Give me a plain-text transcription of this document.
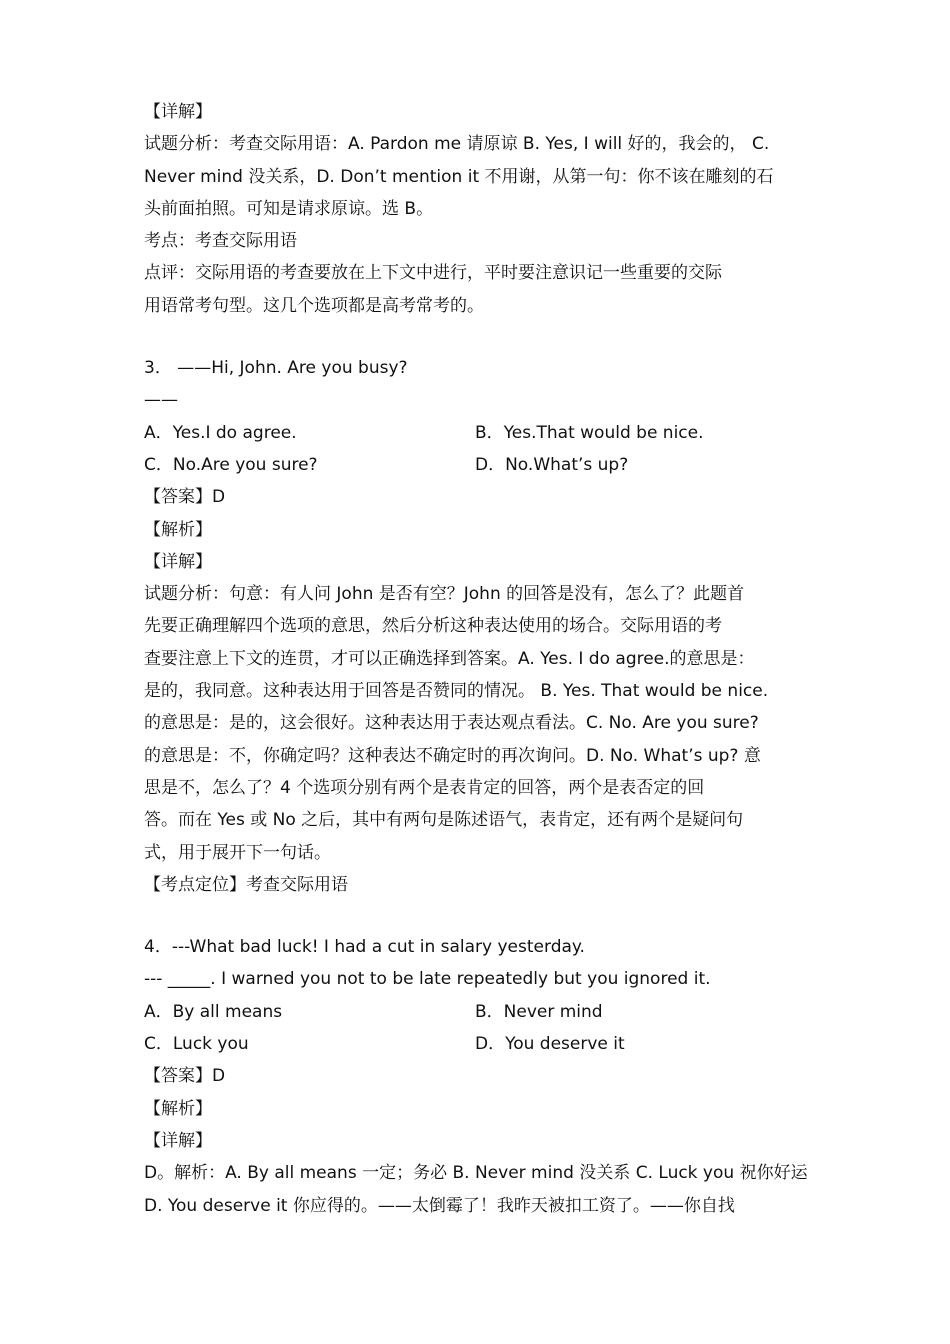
【详解】
试题分析：考查交际用语：A. Pardon me 请原谅 B. Yes, I will 好的，我会的， C.
Never mind 没关系，D. Don’t mention it 不用谢，从第一句：你不该在雕刻的石
头前面拍照。可知是请求原谅。选 B。
考点：考查交际用语
点评：交际用语的考查要放在上下文中进行，平时要注意识记一些重要的交际
用语常考句型。这几个选项都是高考常考的。
3． ——Hi, John. Are you busy?
——
A．Yes.I do agree.	B．Yes.That would be nice.
C．No.Are you sure?	D．No.What’s up?
【答案】D
【解析】
【详解】
试题分析：句意：有人问 John 是否有空？John 的回答是没有，怎么了？此题首
先要正确理解四个选项的意思，然后分析这种表达使用的场合。交际用语的考
查要注意上下文的连贯，才可以正确选择到答案。A. Yes. I do agree.的意思是：
是的，我同意。这种表达用于回答是否赞同的情况。 B. Yes. That would be nice.
的意思是：是的，这会很好。这种表达用于表达观点看法。C. No. Are you sure?
的意思是：不，你确定吗？这种表达不确定时的再次询问。D. No. What’s up? 意
思是不，怎么了？4 个选项分别有两个是表肯定的回答，两个是表否定的回
答。而在 Yes 或 No 之后，其中有两句是陈述语气，表肯定，还有两个是疑问句
式，用于展开下一句话。
【考点定位】考查交际用语
4．---What bad luck! I had a cut in salary yesterday.
--- _____. I warned you not to be late repeatedly but you ignored it.
A．By all means	B．Never mind
C．Luck you	D．You deserve it
【答案】D
【解析】
【详解】
D。解析：A. By all means 一定；务必 B. Never mind 没关系 C. Luck you 祝你好运
D. You deserve it 你应得的。——太倒霉了！我昨天被扣工资了。——你自找
